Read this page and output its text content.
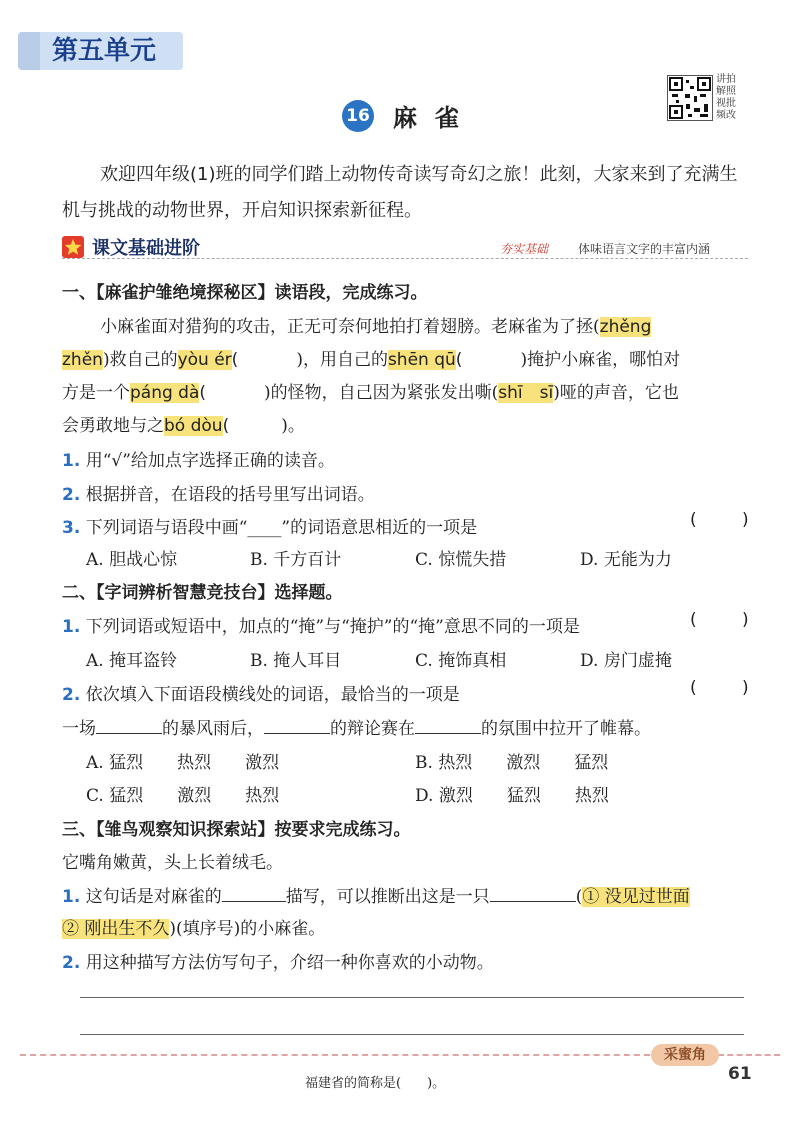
第五单元
讲拍
解照
视批
频改
16 麻雀
欢迎四年级(1)班的同学们踏上动物传奇读写奇幻之旅！此刻，大家来到了充满生机与挑战的动物世界，开启知识探索新征程。
课文基础进阶	夯实基础 体味语言文字的丰富内涵
一、【麻雀护雏绝境探秘区】读语段，完成练习。
小麻雀面对猎狗的攻击，正无可奈何地拍打着翅膀。老麻雀为了拯(zhěng
zhěn)救自己的yòu ér(	)，用自己的shēn qū(	)掩护小麻雀，哪怕对
方是一个páng dà(	)的怪物，自己因为紧张发出嘶(shī　 sī)哑的声音，它也
会勇敢地与之bó dòu(	)。
1. 用“√”给加点字选择正确的读音。
2. 根据拼音，在语段的括号里写出词语。
3. 下列词语与语段中画“____”的词语意思相近的一项是	( )
A. 胆战心惊	B. 千方百计	C. 惊慌失措	D. 无能为力
二、【字词辨析智慧竞技台】选择题。
1. 下列词语或短语中，加点的“掩”与“掩护”的“掩”意思不同的一项是	( )
A. 掩耳盗铃	B. 掩人耳目	C. 掩饰真相	D. 房门虚掩
2. 依次填入下面语段横线处的词语，最恰当的一项是	( )
一场	的暴风雨后，	的辩论赛在	的氛围中拉开了帷幕。
A. 猛烈 热烈 激烈	B. 热烈 激烈 猛烈
C. 猛烈 激烈 热烈	D. 激烈 猛烈 热烈
三、【雏鸟观察知识探索站】按要求完成练习。
它嘴角嫩黄，头上长着绒毛。
1. 这句话是对麻雀的	描写，可以推断出这是一只	(① 没见过世面
② 刚出生不久)(填序号)的小麻雀。
2. 用这种描写方法仿写句子，介绍一种你喜欢的小动物。
采蜜角
福建省的简称是(　　)。	61
